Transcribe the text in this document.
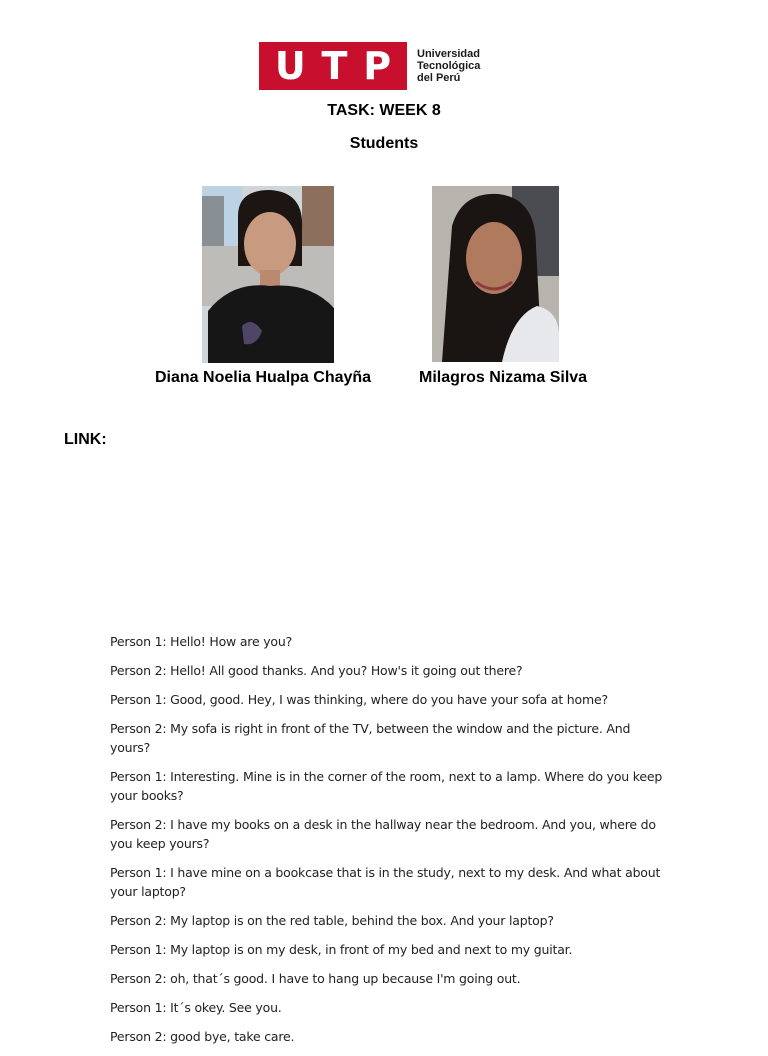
U T P Universidad
Tecnológica
del Perú
TASK: WEEK 8
Students
Diana Noelia Hualpa Chayña	Milagros Nizama Silva
LINK:

Person 1: Hello! How are you?

Person 2: Hello! All good thanks. And you? How's it going out there?

Person 1: Good, good. Hey, I was thinking, where do you have your sofa at home?

Person 2: My sofa is right in front of the TV, between the window and the picture. And yours?

Person 1: Interesting. Mine is in the corner of the room, next to a lamp. Where do you keep your books?

Person 2: I have my books on a desk in the hallway near the bedroom. And you, where do you keep yours?

Person 1: I have mine on a bookcase that is in the study, next to my desk. And what about your laptop?

Person 2: My laptop is on the red table, behind the box. And your laptop?

Person 1: My laptop is on my desk, in front of my bed and next to my guitar.

Person 2: oh, that´s good. I have to hang up because I'm going out.

Person 1: It´s okey. See you.

Person 2: good bye, take care.
